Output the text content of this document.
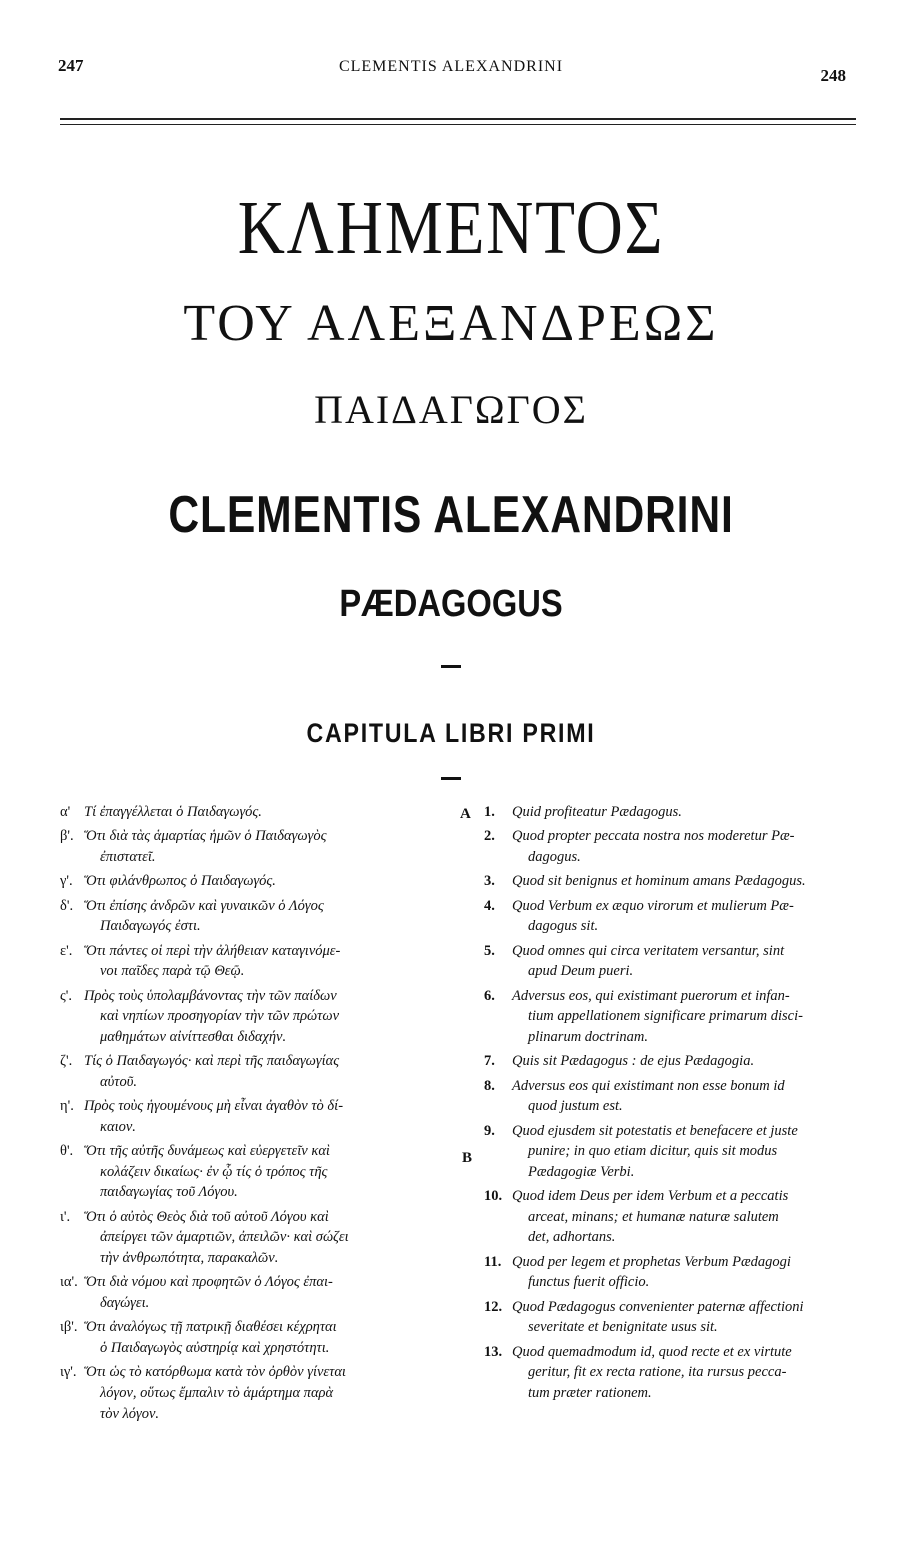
247	CLEMENTIS ALEXANDRINI	248
ΚΛΗΜΕΝΤΟΣ
ΤΟΥ ΑΛΕΞΑΝΔΡΕΩΣ
ΠΑΙΔΑΓΩΓΟΣ
CLEMENTIS ALEXANDRINI
PÆDAGOGUS
CAPITULA LIBRI PRIMI
A
B
α' Τί ἐπαγγέλλεται ὁ Παιδαγωγός.
β'. Ὅτι διὰ τὰς ἁμαρτίας ἡμῶν ὁ Παιδαγωγὸς
ἐπιστατεῖ.
γ'. Ὅτι φιλάνθρωπος ὁ Παιδαγωγός.
δ'. Ὅτι ἐπίσης ἀνδρῶν καὶ γυναικῶν ὁ Λόγος
Παιδαγωγός ἐστι.
ε'. Ὅτι πάντες οἱ περὶ τὴν ἀλήθειαν καταγινόμε-
νοι παῖδες παρὰ τῷ Θεῷ.
ς'. Πρὸς τοὺς ὑπολαμβάνοντας τὴν τῶν παίδων
καὶ νηπίων προσηγορίαν τὴν τῶν πρώτων
μαθημάτων αἰνίττεσθαι διδαχήν.
ζ'. Τίς ὁ Παιδαγωγός· καὶ περὶ τῆς παιδαγωγίας
αὐτοῦ.
η'. Πρὸς τοὺς ἡγουμένους μὴ εἶναι ἀγαθὸν τὸ δί-
καιον.
θ'. Ὅτι τῆς αὐτῆς δυνάμεως καὶ εὐεργετεῖν καὶ
κολάζειν δικαίως· ἐν ᾧ τίς ὁ τρόπος τῆς
παιδαγωγίας τοῦ Λόγου.
ι'. Ὅτι ὁ αὐτὸς Θεὸς διὰ τοῦ αὐτοῦ Λόγου καὶ
ἀπείργει τῶν ἁμαρτιῶν, ἀπειλῶν· καὶ σώζει
τὴν ἀνθρωπότητα, παρακαλῶν.
ια'. Ὅτι διὰ νόμου καὶ προφητῶν ὁ Λόγος ἐπαι-
δαγώγει.
ιβ'. Ὅτι ἀναλόγως τῇ πατρικῇ διαθέσει κέχρηται
ὁ Παιδαγωγὸς αὐστηρίᾳ καὶ χρηστότητι.
ιγ'. Ὅτι ὡς τὸ κατόρθωμα κατὰ τὸν ὀρθὸν γίνεται
λόγον, οὕτως ἔμπαλιν τὸ ἁμάρτημα παρὰ
τὸν λόγον.
1. Quid profiteatur Pædagogus.
2. Quod propter peccata nostra nos moderetur Pæ-
dagogus.
3. Quod sit benignus et hominum amans Pædagogus.
4. Quod Verbum ex æquo virorum et mulierum Pæ-
dagogus sit.
5. Quod omnes qui circa veritatem versantur, sint
apud Deum pueri.
6. Adversus eos, qui existimant puerorum et infan-
tium appellationem significare primarum disci-
plinarum doctrinam.
7. Quis sit Pædagogus : de ejus Pædagogia.
8. Adversus eos qui existimant non esse bonum id
quod justum est.
9. Quod ejusdem sit potestatis et benefacere et juste
punire; in quo etiam dicitur, quis sit modus
Pædagogiæ Verbi.
10. Quod idem Deus per idem Verbum et a peccatis
arceat, minans; et humanæ naturæ salutem
det, adhortans.
11. Quod per legem et prophetas Verbum Pædagogi
functus fuerit officio.
12. Quod Pædagogus convenienter paternæ affectioni
severitate et benignitate usus sit.
13. Quod quemadmodum id, quod recte et ex virtute
geritur, fit ex recta ratione, ita rursus pecca-
tum præter rationem.
